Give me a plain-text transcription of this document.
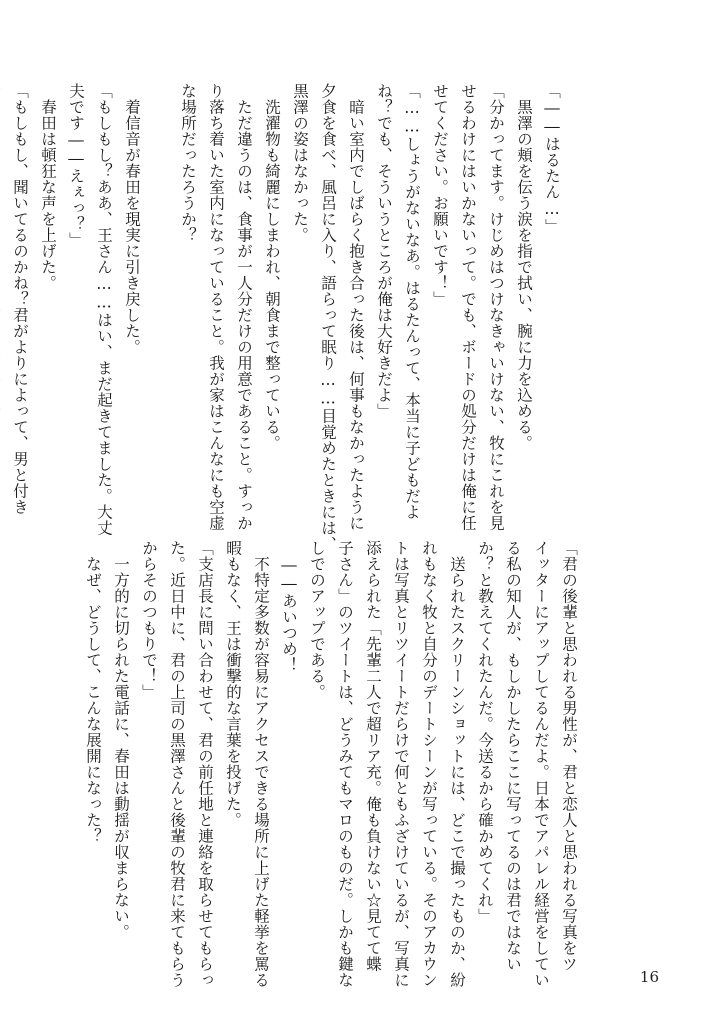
「――はるたん…」
　黒澤の頬を伝う涙を指で拭い、腕に力を込める。
「分かってます。けじめはつけなきゃいけない、牧にこれを見
せるわけにはいかないって。でも、ボードの処分だけは俺に任
せてください。お願いです！」
「……しょうがないなあ。はるたんって、本当に子どもだよ
ね？でも、そういうところが俺は大好きだよ」
　暗い室内でしばらく抱き合った後は、何事もなかったように
夕食を食べ、風呂に入り、語らって眠り……目覚めたときには、
黒澤の姿はなかった。
　洗濯物も綺麗にしまわれ、朝食まで整っている。
　ただ違うのは、食事が一人分だけの用意であること。すっか
り落ち着いた室内になっていること。我が家はこんなにも空虚
な場所だったろうか？

　着信音が春田を現実に引き戻した。
「もしもし？ああ、王さん……はい、まだ起きてました。大丈
夫です――えぇっ？」
　春田は頓狂な声を上げた。
「もしもし、聞いてるのかね？君がよりによって、男と付き
「君の後輩と思われる男性が、君と恋人と思われる写真をツ
イッターにアップしてるんだよ。日本でアパレル経営をしてい
る私の知人が、もしかしたらここに写ってるのは君ではない
か？と教えてくれたんだ。今送るから確かめてくれ」
　送られたスクリーンショットには、どこで撮ったものか、紛
れもなく牧と自分のデートシーンが写っている。そのアカウン
トは写真とリツイートだらけで何ともふざけているが、写真に
添えられた「先輩二人で超リア充。俺も負けない☆見てて蝶
子さん」のツイートは、どうみてもマロのものだ。しかも鍵な
しでのアップである。
　――あいつめ！
　不特定多数が容易にアクセスできる場所に上げた軽挙を罵る
暇もなく、王は衝撃的な言葉を投げた。
「支店長に問い合わせて、君の前任地と連絡を取らせてもらっ
た。近日中に、君の上司の黒澤さんと後輩の牧君に来てもらう
からそのつもりで！」
　一方的に切られた電話に、春田は動揺が収まらない。
　なぜ、どうして、こんな展開になった？
16
